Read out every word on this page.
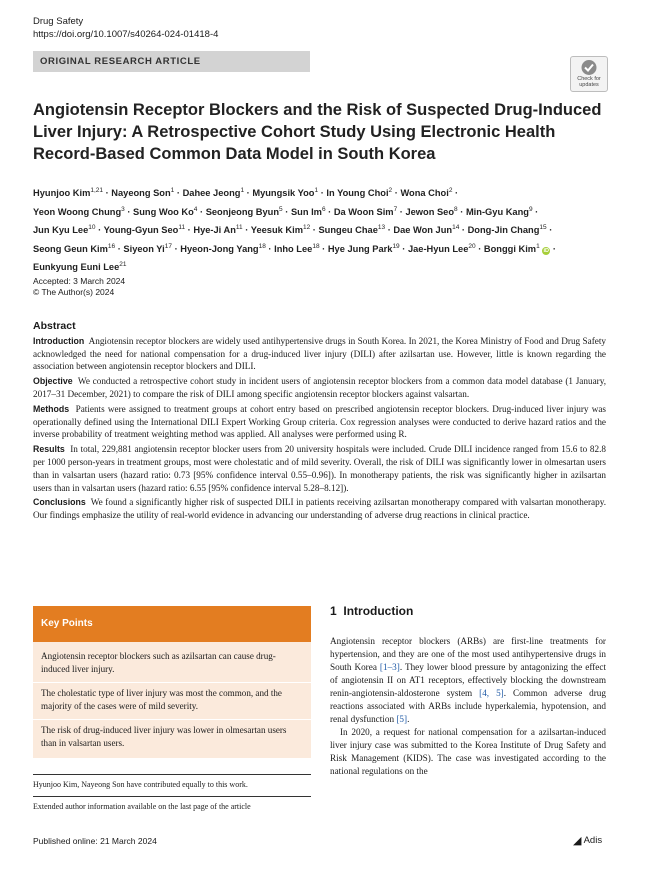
Drug Safety
https://doi.org/10.1007/s40264-024-01418-4
ORIGINAL RESEARCH ARTICLE
Check for
updates
Angiotensin Receptor Blockers and the Risk of Suspected Drug-Induced Liver Injury: A Retrospective Cohort Study Using Electronic Health Record-Based Common Data Model in South Korea
Hyunjoo Kim$^{1,21}$ · Nayeong Son$^1$ · Dahee Jeong$^1$ · Myungsik Yoo$^1$ · In Young Choi$^2$ · Wona Choi$^2$ ·
Yeon Woong Chung$^3$ · Sung Woo $Ko^4$ · Seonjeong Byun$^5$ · Sun $Im^6 \cdot Da$ Woon Sim$^7$ · Jewon Seo$^8$ · Min-Gyu Kang$^9$ ·
Jun Kyu Lee$^{10}$ · Young-Gyun Seo$^{11}$ · Hye-Ji $An^{11}$ · Yeesuk Kim$^{12}$ · Sungeu Chae$^{13}$ · Dae Won Jun$^{14}$ · Dong-Jin Chang$^{15}$ ·
Seong Geun Kim$^{16}$ · Siyeon $Yi^{17}$ · Hyeon-Jong Yang$^{18}$ · Inho Lee$^{18}$ · Hye Jung Park$^{19}$ · Jae-Hyun Lee$^{20}$ · Bonggi Kim$^1$ iD ·
Eunkyung Euni Lee$^{21}$
Accepted: 3 March 2024
© The Author(s) 2024
Abstract

Introduction Angiotensin receptor blockers are widely used antihypertensive drugs in South Korea. In 2021, the Korea Ministry of Food and Drug Safety acknowledged the need for national compensation for a drug-induced liver injury (DILI) after azilsartan use. However, little is known regarding the association between angiotensin receptor blockers and DILI.

Objective We conducted a retrospective cohort study in incident users of angiotensin receptor blockers from a common data model database (1 January, 2017–31 December, 2021) to compare the risk of DILI among specific angiotensin receptor blockers against valsartan.

Methods Patients were assigned to treatment groups at cohort entry based on prescribed angiotensin receptor blockers. Drug-induced liver injury was operationally defined using the International DILI Expert Working Group criteria. Cox regression analyses were conducted to derive hazard ratios and the inverse probability of treatment weighting method was applied. All analyses were performed using R.

Results In total, 229,881 angiotensin receptor blocker users from 20 university hospitals were included. Crude DILI incidence ranged from 15.6 to 82.8 per 1000 person-years in treatment groups, most were cholestatic and of mild severity. Overall, the risk of DILI was significantly lower in olmesartan users than in valsartan users (hazard ratio: 0.73 [95% confidence interval 0.55–0.96]). In monotherapy patients, the risk was significantly higher in azilsartan users than in valsartan users (hazard ratio: 6.55 [95% confidence interval 5.28–8.12]).

Conclusions We found a significantly higher risk of suspected DILI in patients receiving azilsartan monotherapy compared with valsartan monotherapy. Our findings emphasize the utility of real-world evidence in advancing our understanding of adverse drug reactions in clinical practice.

Key Points
Angiotensin receptor blockers such as azilsartan can cause drug-induced liver injury.
The cholestatic type of liver injury was most the common, and the majority of the cases were of mild severity.
The risk of drug-induced liver injury was lower in olmesartan users than in valsartan users.
Hyunjoo Kim, Nayeong Son have contributed equally to this work.
Extended author information available on the last page of the article
1 Introduction

Angiotensin receptor blockers (ARBs) are first-line treatments for hypertension, and they are one of the most used antihypertensive drugs in South Korea [1–3]. They lower blood pressure by antagonizing the effect of angiotensin II on AT1 receptors, effectively blocking the downstream renin-angiotensin-aldosterone system [4, 5]. Common adverse drug reactions associated with ARBs include hyperkalemia, hypotension, and renal dysfunction [5].

In 2020, a request for national compensation for a azilsartan-induced liver injury case was submitted to the Korea Institute of Drug Safety and Risk Management (KIDS). The case was investigated according to the national regulations on the

Published online: 21 March 2024	◢ Adis
